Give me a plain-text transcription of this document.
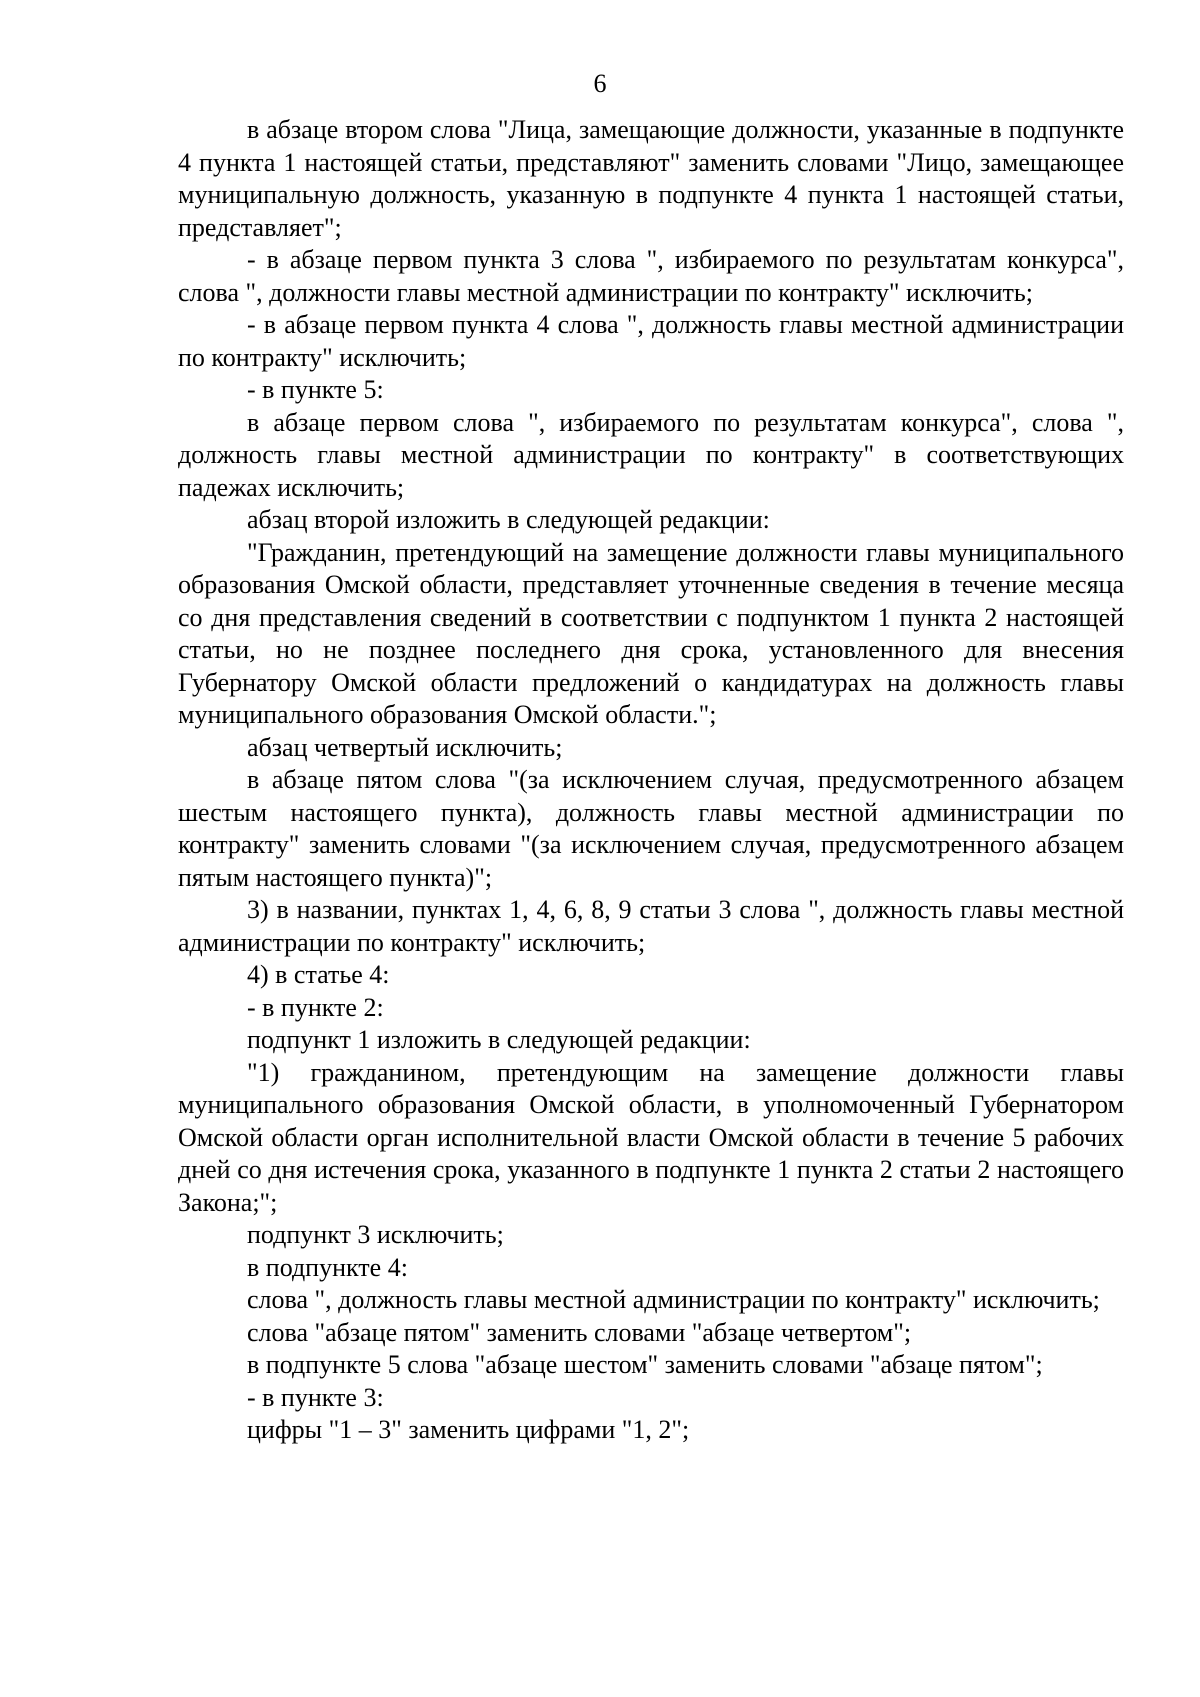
6

в абзаце втором слова "Лица, замещающие должности, указанные в подпункте 4 пункта 1 настоящей статьи, представляют" заменить словами "Лицо, замещающее муниципальную должность, указанную в подпункте 4 пункта 1 настоящей статьи, представляет";

- в абзаце первом пункта 3 слова ", избираемого по результатам конкурса", слова ", должности главы местной администрации по контракту" исключить;

- в абзаце первом пункта 4 слова ", должность главы местной администрации по контракту" исключить;

- в пункте 5:

в абзаце первом слова ", избираемого по результатам конкурса", слова ", должность главы местной администрации по контракту" в соответствующих падежах исключить;

абзац второй изложить в следующей редакции:

"Гражданин, претендующий на замещение должности главы муниципального образования Омской области, представляет уточненные сведения в течение месяца со дня представления сведений в соответствии с подпунктом 1 пункта 2 настоящей статьи, но не позднее последнего дня срока, установленного для внесения Губернатору Омской области предложений о кандидатурах на должность главы муниципального образования Омской области.";

абзац четвертый исключить;

в абзаце пятом слова "(за исключением случая, предусмотренного абзацем шестым настоящего пункта), должность главы местной администрации по контракту" заменить словами "(за исключением случая, предусмотренного абзацем пятым настоящего пункта)";

3) в названии, пунктах 1, 4, 6, 8, 9 статьи 3 слова ", должность главы местной администрации по контракту" исключить;

4) в статье 4:

- в пункте 2:

подпункт 1 изложить в следующей редакции:

"1) гражданином, претендующим на замещение должности главы муниципального образования Омской области, в уполномоченный Губернатором Омской области орган исполнительной власти Омской области в течение 5 рабочих дней со дня истечения срока, указанного в подпункте 1 пункта 2 статьи 2 настоящего Закона;";

подпункт 3 исключить;

в подпункте 4:

слова ", должность главы местной администрации по контракту" исключить;

слова "абзаце пятом" заменить словами "абзаце четвертом";

в подпункте 5 слова "абзаце шестом" заменить словами "абзаце пятом";

- в пункте 3:

цифры "1 – 3" заменить цифрами "1, 2";
